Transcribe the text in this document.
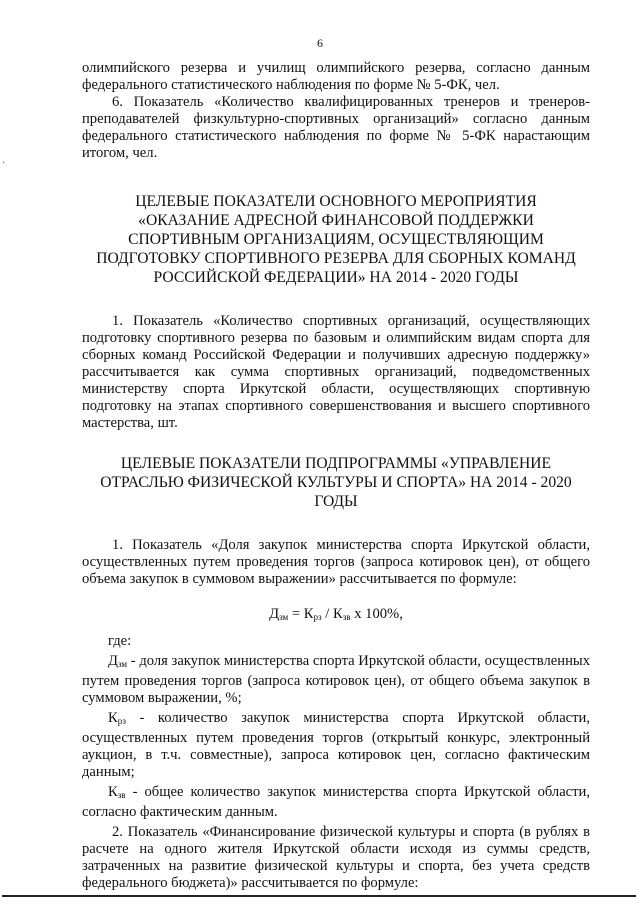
6
·

олимпийского резерва и училищ олимпийского резерва, согласно данным федерального статистического наблюдения по форме № 5-ФК, чел.

6. Показатель «Количество квалифицированных тренеров и тренеров-преподавателей физкультурно-спортивных организаций» согласно данным федерального статистического наблюдения по форме № 5-ФК нарастающим итогом, чел.

ЦЕЛЕВЫЕ ПОКАЗАТЕЛИ ОСНОВНОГО МЕРОПРИЯТИЯ «ОКАЗАНИЕ АДРЕСНОЙ ФИНАНСОВОЙ ПОДДЕРЖКИ СПОРТИВНЫМ ОРГАНИЗАЦИЯМ, ОСУЩЕСТВЛЯЮЩИМ ПОДГОТОВКУ СПОРТИВНОГО РЕЗЕРВА ДЛЯ СБОРНЫХ КОМАНД РОССИЙСКОЙ ФЕДЕРАЦИИ» НА 2014 - 2020 ГОДЫ

1. Показатель «Количество спортивных организаций, осуществляющих подготовку спортивного резерва по базовым и олимпийским видам спорта для сборных команд Российской Федерации и получивших адресную поддержку» рассчитывается как сумма спортивных организаций, подведомственных министерству спорта Иркутской области, осуществляющих спортивную подготовку на этапах спортивного совершенствования и высшего спортивного мастерства, шт.

ЦЕЛЕВЫЕ ПОКАЗАТЕЛИ ПОДПРОГРАММЫ «УПРАВЛЕНИЕ ОТРАСЛЬЮ ФИЗИЧЕСКОЙ КУЛЬТУРЫ И СПОРТА» НА 2014 - 2020 ГОДЫ

1. Показатель «Доля закупок министерства спорта Иркутской области, осуществленных путем проведения торгов (запроса котировок цен), от общего объема закупок в суммовом выражении» рассчитывается по формуле:

$Д_{зм} = К_{рз} / К_{зв}$ х 100%,

где:

$Д_{зм}$ - доля закупок министерства спорта Иркутской области, осуществленных путем проведения торгов (запроса котировок цен), от общего объема закупок в суммовом выражении, %;

$К_{рз}$ - количество закупок министерства спорта Иркутской области, осуществленных путем проведения торгов (открытый конкурс, электронный аукцион, в т.ч. совместные), запроса котировок цен, согласно фактическим данным;

$К_{зв}$ - общее количество закупок министерства спорта Иркутской области, согласно фактическим данным.

2. Показатель «Финансирование физической культуры и спорта (в рублях в расчете на одного жителя Иркутской области исходя из суммы средств, затраченных на развитие физической культуры и спорта, без учета средств федерального бюджета)» рассчитывается по формуле:
